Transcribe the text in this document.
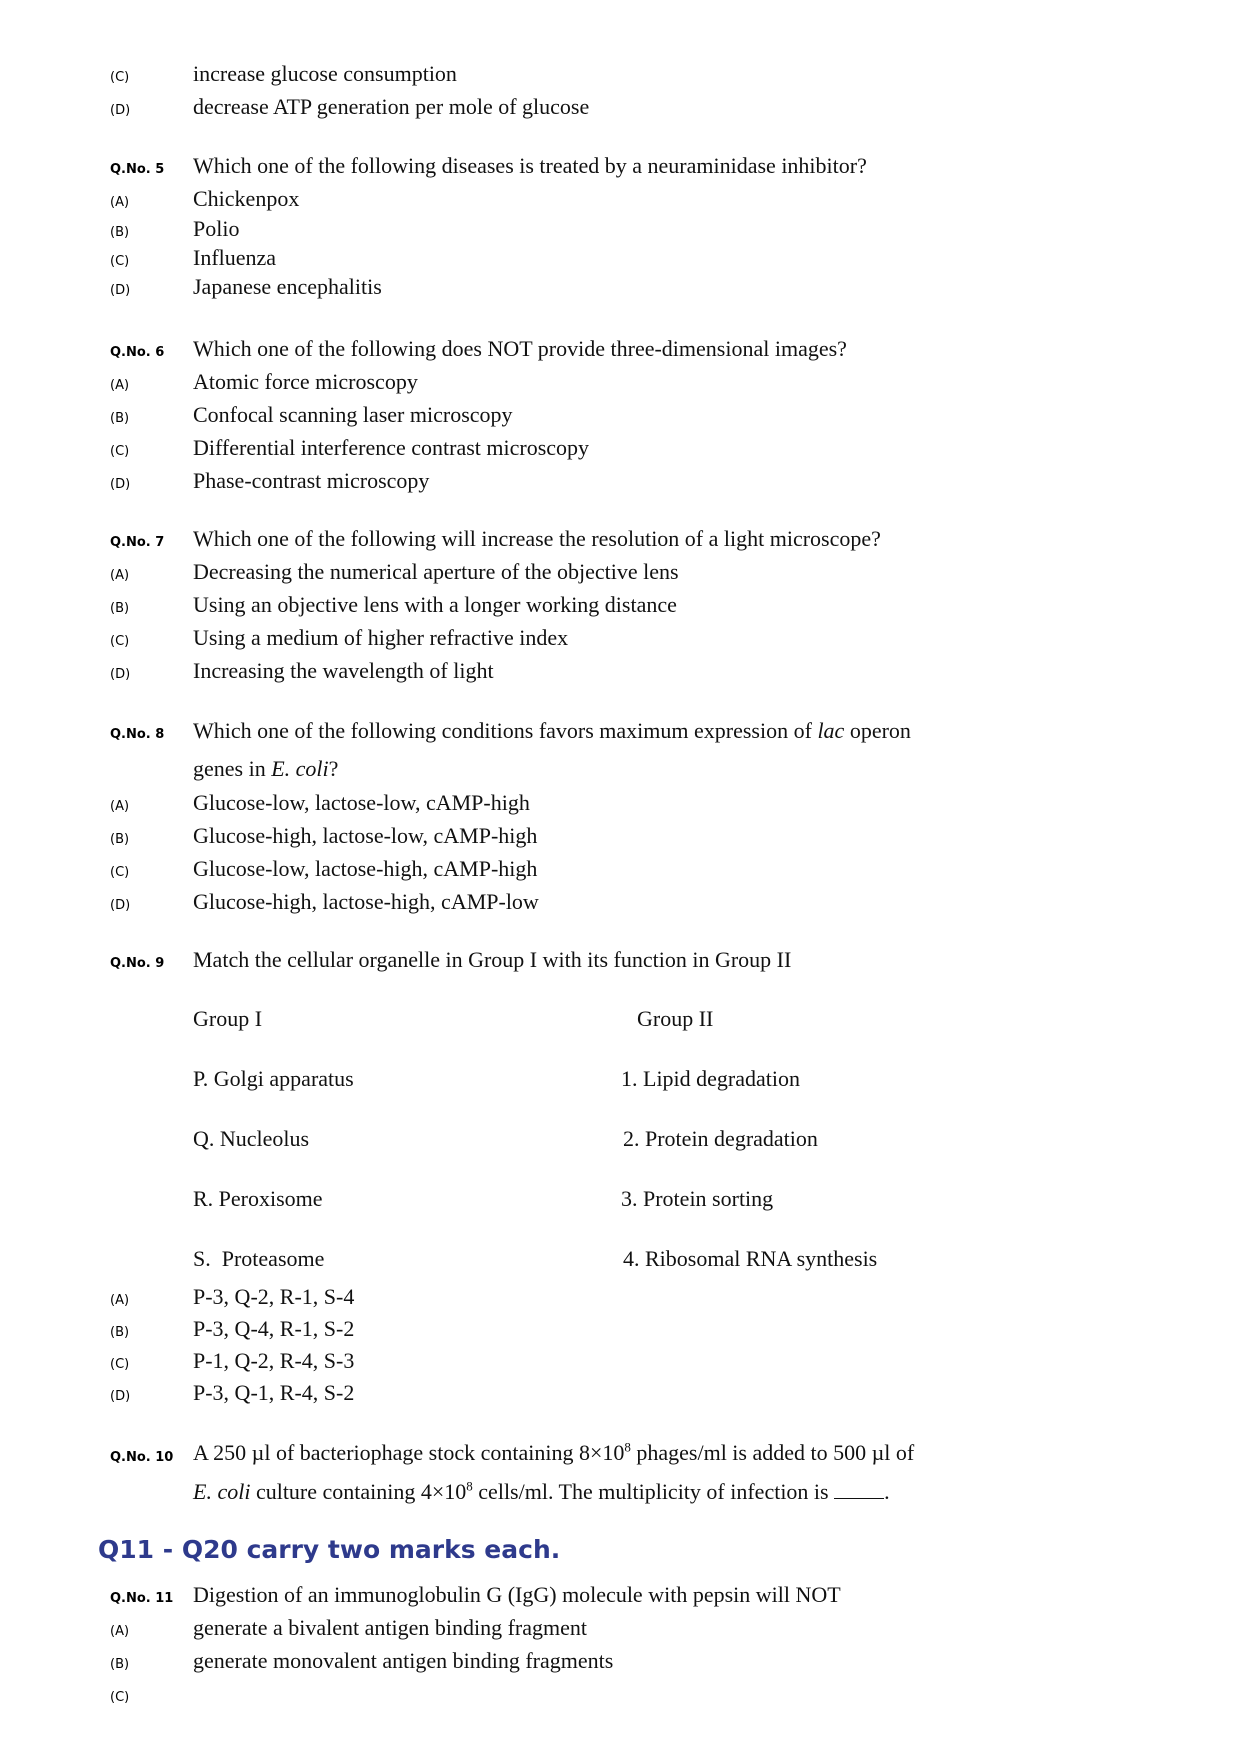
(C)	increase glucose consumption
(D)	decrease ATP generation per mole of glucose
Q.No. 5	Which one of the following diseases is treated by a neuraminidase inhibitor?
(A)	Chickenpox
(B)	Polio
(C)	Influenza
(D)	Japanese encephalitis
Q.No. 6	Which one of the following does NOT provide three-dimensional images?
(A)	Atomic force microscopy
(B)	Confocal scanning laser microscopy
(C)	Differential interference contrast microscopy
(D)	Phase-contrast microscopy
Q.No. 7	Which one of the following will increase the resolution of a light microscope?
(A)	Decreasing the numerical aperture of the objective lens
(B)	Using an objective lens with a longer working distance
(C)	Using a medium of higher refractive index
(D)	Increasing the wavelength of light
Q.No. 8	Which one of the following conditions favors maximum expression of lac operon
genes in E. coli?
(A)	Glucose-low, lactose-low, cAMP-high
(B)	Glucose-high, lactose-low, cAMP-high
(C)	Glucose-low, lactose-high, cAMP-high
(D)	Glucose-high, lactose-high, cAMP-low
Q.No. 9	Match the cellular organelle in Group I with its function in Group II
Group I	Group II
P. Golgi apparatus	1. Lipid degradation
Q. Nucleolus	2. Protein degradation
R. Peroxisome	3. Protein sorting
S.  Proteasome	4. Ribosomal RNA synthesis
(A)	P-3, Q-2, R-1, S-4
(B)	P-3, Q-4, R-1, S-2
(C)	P-1, Q-2, R-4, S-3
(D)	P-3, Q-1, R-4, S-2
Q.No. 10 A 250 µl of bacteriophage stock containing $8\times 10^8$ phages/ml is added to 500 µl of
E. coli culture containing $4\times 10^8$ cells/ml. The multiplicity of infection is .
Q11 - Q20 carry two marks each.
Q.No. 11 Digestion of an immunoglobulin G (IgG) molecule with pepsin will NOT
(A)	generate a bivalent antigen binding fragment
(B)	generate monovalent antigen binding fragments
(C)
